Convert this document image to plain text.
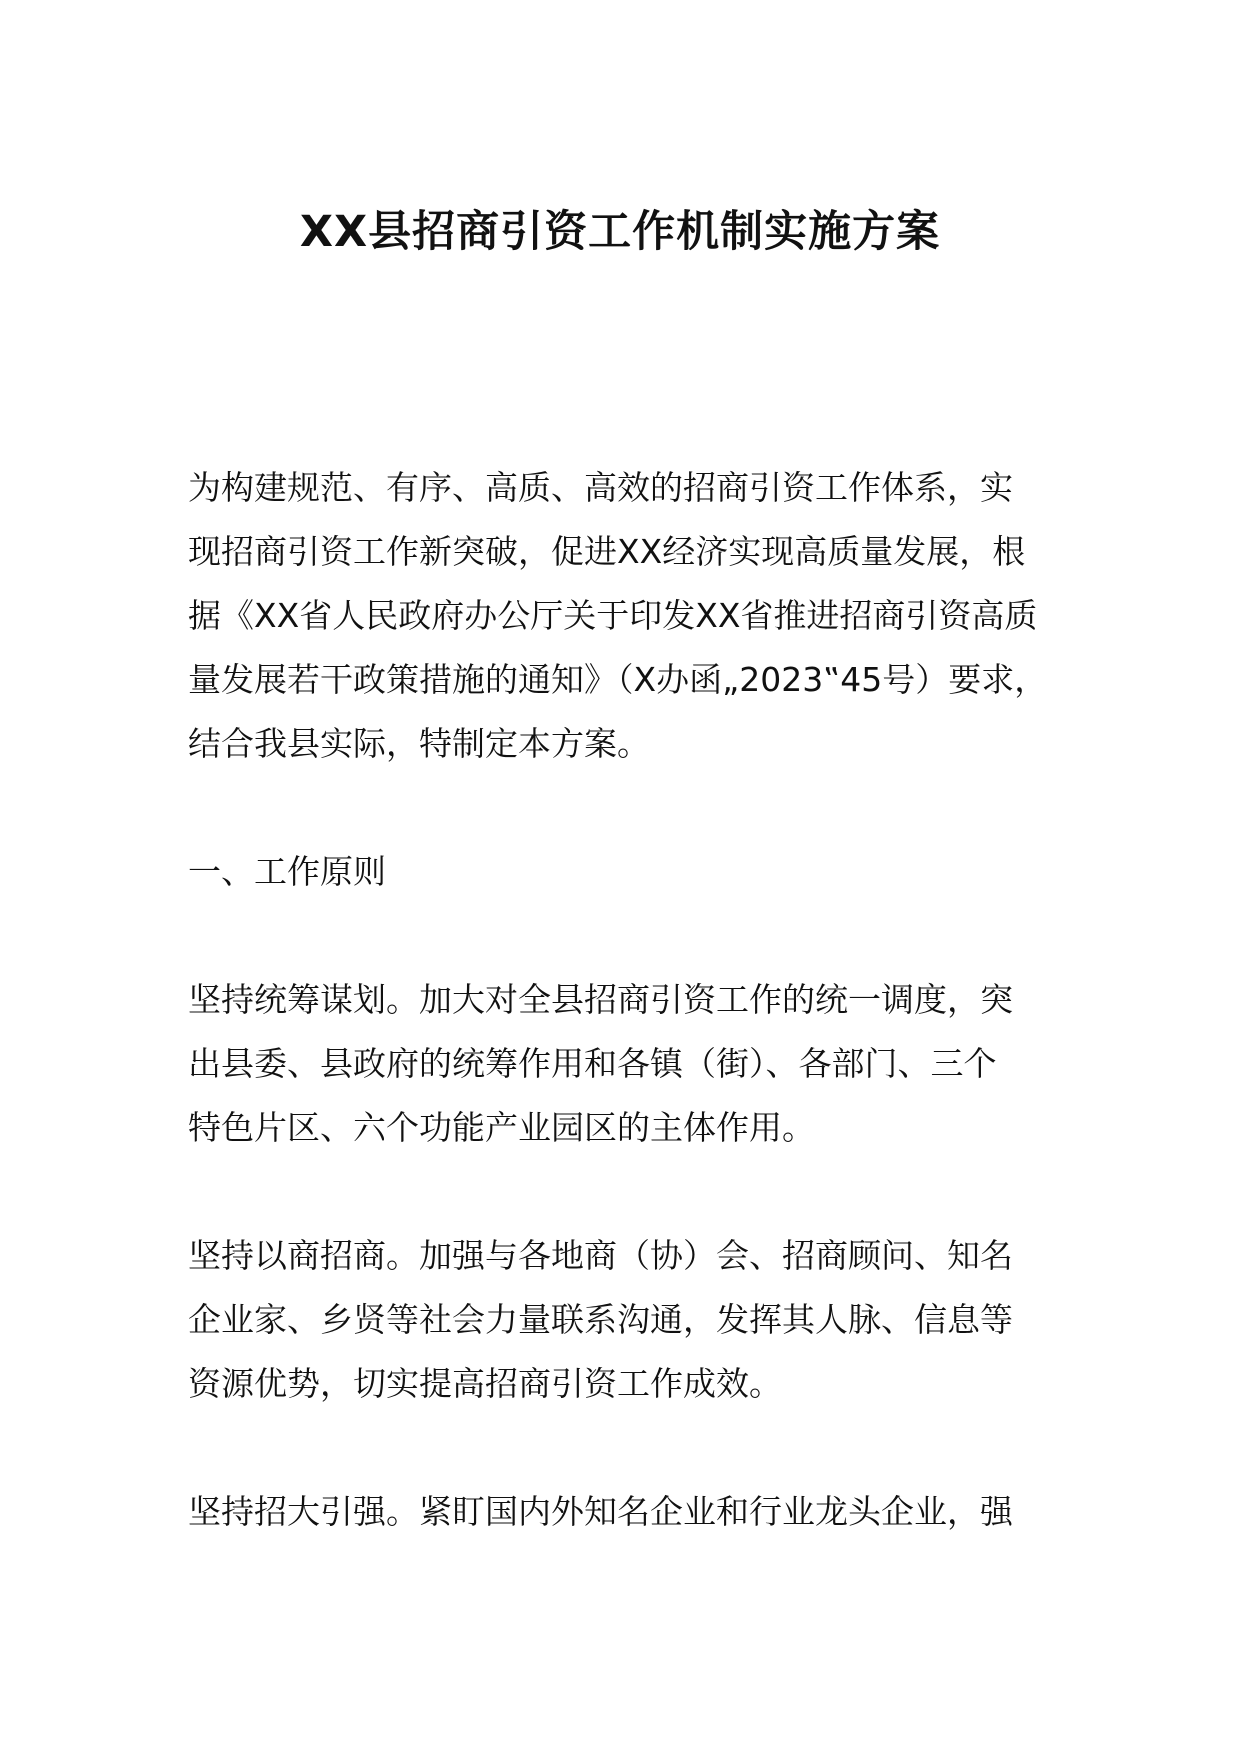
XX县招商引资工作机制实施方案

为构建规范、有序、高质、高效的招商引资工作体系，实
现招商引资工作新突破，促进XX经济实现高质量发展，根
据《XX省人民政府办公厅关于印发XX省推进招商引资高质
量发展若干政策措施的通知》（X办函„2023‟45号）要求，
结合我县实际，特制定本方案。

一、工作原则

坚持统筹谋划。加大对全县招商引资工作的统一调度，突
出县委、县政府的统筹作用和各镇（街）、各部门、三个
特色片区、六个功能产业园区的主体作用。

坚持以商招商。加强与各地商（协）会、招商顾问、知名
企业家、乡贤等社会力量联系沟通，发挥其人脉、信息等
资源优势，切实提高招商引资工作成效。

坚持招大引强。紧盯国内外知名企业和行业龙头企业，强
